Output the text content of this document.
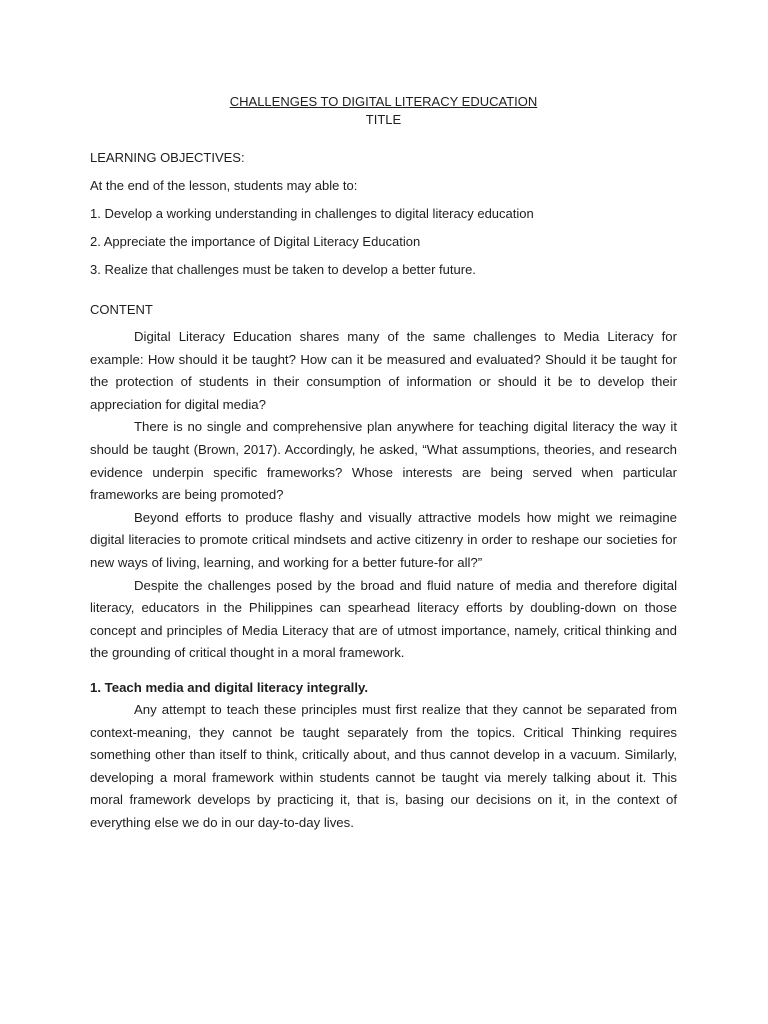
CHALLENGES TO DIGITAL LITERACY EDUCATION

TITLE

LEARNING OBJECTIVES:

At the end of the lesson, students may able to:

1. Develop a working understanding in challenges to digital literacy education

2. Appreciate the importance of Digital Literacy Education

3. Realize that challenges must be taken to develop a better future.

CONTENT

Digital Literacy Education shares many of the same challenges to Media Literacy for example: How should it be taught? How can it be measured and evaluated? Should it be taught for the protection of students in their consumption of information or should it be to develop their appreciation for digital media?

There is no single and comprehensive plan anywhere for teaching digital literacy the way it should be taught (Brown, 2017). Accordingly, he asked, “What assumptions, theories, and research evidence underpin specific frameworks? Whose interests are being served when particular frameworks are being promoted?

Beyond efforts to produce flashy and visually attractive models how might we reimagine digital literacies to promote critical mindsets and active citizenry in order to reshape our societies for new ways of living, learning, and working for a better future-for all?”

Despite the challenges posed by the broad and fluid nature of media and therefore digital literacy, educators in the Philippines can spearhead literacy efforts by doubling-down on those concept and principles of Media Literacy that are of utmost importance, namely, critical thinking and the grounding of critical thought in a moral framework.

1. Teach media and digital literacy integrally.

Any attempt to teach these principles must first realize that they cannot be separated from context-meaning, they cannot be taught separately from the topics. Critical Thinking requires something other than itself to think, critically about, and thus cannot develop in a vacuum. Similarly, developing a moral framework within students cannot be taught via merely talking about it. This moral framework develops by practicing it, that is, basing our decisions on it, in the context of everything else we do in our day-to-day lives.
